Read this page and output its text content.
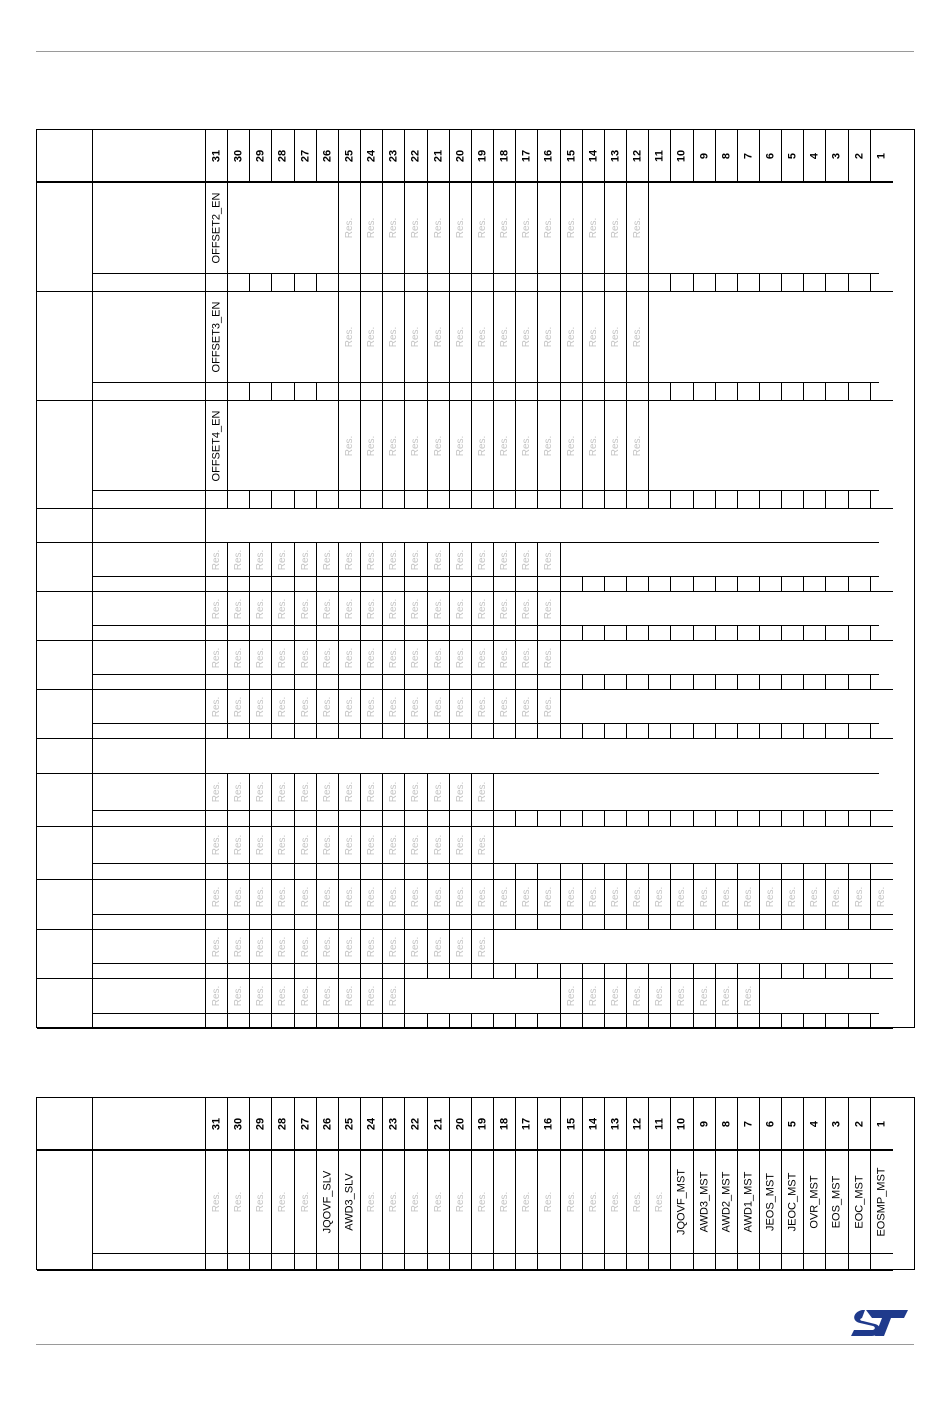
31 30 29 28 27 26 25 24 23 22 21 20 19 18 17 16 15 14 13 12 11 10 9 8 7 6 5 4 3 2 1
OFFSET2_EN	Res. Res. Res. Res. Res. Res. Res. Res. Res. Res. Res. Res. Res. Res.
OFFSET3_EN	Res. Res. Res. Res. Res. Res. Res. Res. Res. Res. Res. Res. Res. Res.
OFFSET4_EN	Res. Res. Res. Res. Res. Res. Res. Res. Res. Res. Res. Res. Res. Res.
Res. Res. Res. Res. Res. Res. Res. Res. Res. Res. Res. Res. Res. Res. Res. Res.
Res. Res. Res. Res. Res. Res. Res. Res. Res. Res. Res. Res. Res. Res. Res. Res.
Res. Res. Res. Res. Res. Res. Res. Res. Res. Res. Res. Res. Res. Res. Res. Res.
Res. Res. Res. Res. Res. Res. Res. Res. Res. Res. Res. Res. Res. Res. Res. Res.
Res. Res. Res. Res. Res. Res. Res. Res. Res. Res. Res. Res. Res.
Res. Res. Res. Res. Res. Res. Res. Res. Res. Res. Res. Res. Res.
Res. Res. Res. Res. Res. Res. Res. Res. Res. Res. Res. Res. Res. Res. Res. Res. Res. Res. Res. Res. Res. Res. Res. Res. Res. Res. Res. Res. Res. Res. Res.
Res. Res. Res. Res. Res. Res. Res. Res. Res. Res. Res. Res. Res.
Res. Res. Res. Res. Res. Res. Res. Res. Res.	Res. Res. Res. Res. Res. Res. Res. Res. Res.
31 30 29 28 27 26 25 24 23 22 21 20 19 18 17 16 15 14 13 12 11 10 9 8 7 6 5 4 3 2 1
Res. Res. Res. Res. Res. JQOVF_SLV AWD3_SLV Res. Res. Res. Res. Res. Res. Res. Res. Res. Res. Res. Res. Res. Res. JQOVF_MST AWD3_MST AWD2_MST AWD1_MST JEOS_MST JEOC_MST OVR_MST EOS_MST EOC_MST EOSMP_MST
